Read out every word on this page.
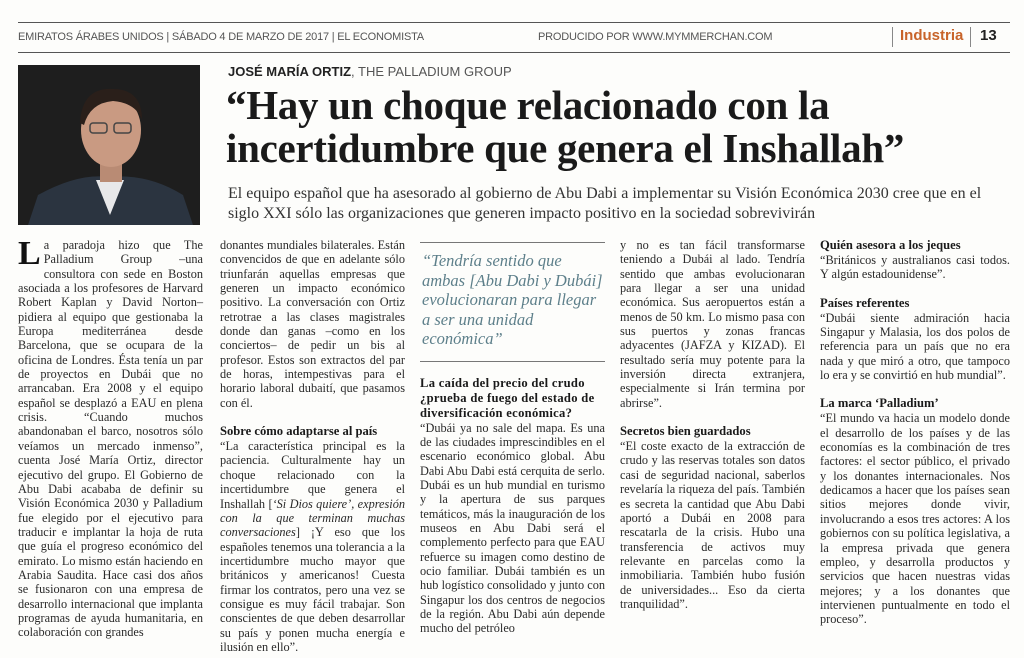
EMIRATOS ÁRABES UNIDOS | SÁBADO 4 DE MARZO DE 2017 | EL ECONOMISTA	PRODUCIDO POR WWW.MYMMERCHAN.COM	Industria 13
JOSÉ MARÍA ORTIZ, THE PALLADIUM GROUP
“Hay un choque relacionado con la incertidumbre que genera el Inshallah”
El equipo español que ha asesorado al gobierno de Abu Dabi a implementar su Visión Económica 2030 cree que en el siglo XXI sólo las organizaciones que generen impacto positivo en la sociedad sobrevivirán
L a paradoja hizo que The Palladium Group –una consultora con sede en Boston asociada a los profesores de Harvard Robert Kaplan y David Norton– pidiera al equipo que gestionaba la Europa mediterránea desde Barcelona, que se ocupara de la oficina de Londres. Ésta tenía un par de proyectos en Dubái que no arrancaban. Era 2008 y el equipo español se desplazó a EAU en plena crisis. “Cuando muchos abandonaban el barco, nosotros sólo veíamos un mercado inmenso”, cuenta José María Ortiz, director ejecutivo del grupo. El Gobierno de Abu Dabi acababa de definir su Visión Económica 2030 y Palladium fue elegido por el ejecutivo para traducir e implantar la hoja de ruta que guía el progreso económico del emirato. Lo mismo están haciendo en Arabia Saudita. Hace casi dos años se fusionaron con una empresa de desarrollo internacional que implanta programas de ayuda humanitaria, en colaboración con grandes

donantes mundiales bilaterales. Están convencidos de que en adelante sólo triunfarán aquellas empresas que generen un impacto económico positivo. La conversación con Ortiz retrotrae a las clases magistrales donde dan ganas –como en los conciertos– de pedir un bis al profesor. Estos son extractos del par de horas, intempestivas para el horario laboral dubaití, que pasamos con él.

Sobre cómo adaptarse al país

“La característica principal es la paciencia. Culturalmente hay un choque relacionado con la incertidumbre que genera el Inshallah [‘Si Dios quiere’, expresión con la que terminan muchas conversaciones] ¡Y eso que los españoles tenemos una tolerancia a la incertidumbre mucho mayor que británicos y americanos! Cuesta firmar los contratos, pero una vez se consigue es muy fácil trabajar. Son conscientes de que deben desarrollar su país y ponen mucha energía e ilusión en ello”.

“Tendría sentido que ambas [Abu Dabi y Dubái] evolucionaran para llegar a ser una unidad económica”
La caída del precio del crudo ¿prueba de fuego del estado de diversificación económica?

“Dubái ya no sale del mapa. Es una de las ciudades imprescindibles en el escenario económico global. Abu Dabi Abu Dabi está cerquita de serlo. Dubái es un hub mundial en turismo y la apertura de sus parques temáticos, más la inauguración de los museos en Abu Dabi será el complemento perfecto para que EAU refuerce su imagen como destino de ocio familiar. Dubái también es un hub logístico consolidado y junto con Singapur los dos centros de negocios de la región. Abu Dabi aún depende mucho del petróleo

y no es tan fácil transformarse teniendo a Dubái al lado. Tendría sentido que ambas evolucionaran para llegar a ser una unidad económica. Sus aeropuertos están a menos de 50 km. Lo mismo pasa con sus puertos y zonas francas adyacentes (JAFZA y KIZAD). El resultado sería muy potente para la inversión directa extranjera, especialmente si Irán termina por abrirse”.

Secretos bien guardados

“El coste exacto de la extracción de crudo y las reservas totales son datos casi de seguridad nacional, saberlos revelaría la riqueza del país. También es secreta la cantidad que Abu Dabi aportó a Dubái en 2008 para rescatarla de la crisis. Hubo una transferencia de activos muy relevante en parcelas como la inmobiliaria. También hubo fusión de universidades... Eso da cierta tranquilidad”.

Quién asesora a los jeques

“Británicos y australianos casi todos. Y algún estadounidense”.

Países referentes

“Dubái siente admiración hacia Singapur y Malasia, los dos polos de referencia para un país que no era nada y que miró a otro, que tampoco lo era y se convirtió en hub mundial”.

La marca ‘Palladium’

“El mundo va hacia un modelo donde el desarrollo de los países y de las economías es la combinación de tres factores: el sector público, el privado y los donantes internacionales. Nos dedicamos a hacer que los países sean sitios mejores donde vivir, involucrando a esos tres actores: A los gobiernos con su política legislativa, a la empresa privada que genera empleo, y desarrolla productos y servicios que hacen nuestras vidas mejores; y a los donantes que intervienen puntualmente en todo el proceso”.
